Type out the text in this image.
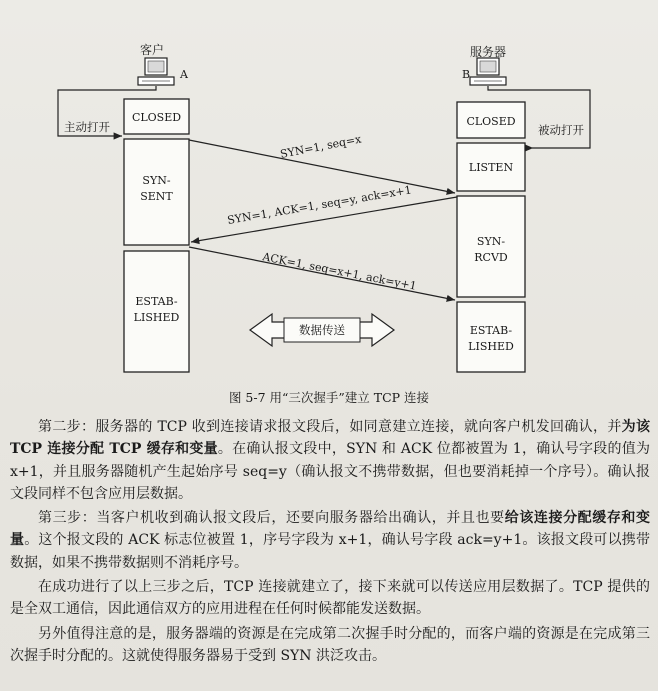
客户
A
服务器
B
主动打开	被动打开
CLOSED
SYN-
SENT
ESTAB-
LISHED
CLOSED
LISTEN
SYN-
RCVD
ESTAB-
LISHED
SYN=1, seq=x
SYN=1, ACK=1, seq=y, ack=x+1
ACK=1, seq=x+1, ack=y+1
数据传送
图 5-7 用“三次握手”建立 TCP 连接

第二步：服务器的 TCP 收到连接请求报文段后，如同意建立连接，就向客户机发回确认，并为该 TCP 连接分配 TCP 缓存和变量。在确认报文段中，SYN 和 ACK 位都被置为 1，确认号字段的值为 x+1，并且服务器随机产生起始序号 seq=y（确认报文不携带数据，但也要消耗掉一个序号）。确认报文段同样不包含应用层数据。

第三步：当客户机收到确认报文段后，还要向服务器给出确认，并且也要给该连接分配缓存和变量。这个报文段的 ACK 标志位被置 1，序号字段为 x+1，确认号字段 ack=y+1。该报文段可以携带数据，如果不携带数据则不消耗序号。

在成功进行了以上三步之后，TCP 连接就建立了，接下来就可以传送应用层数据了。TCP 提供的是全双工通信，因此通信双方的应用进程在任何时候都能发送数据。

另外值得注意的是，服务器端的资源是在完成第二次握手时分配的，而客户端的资源是在完成第三次握手时分配的。这就使得服务器易于受到 SYN 洪泛攻击。
